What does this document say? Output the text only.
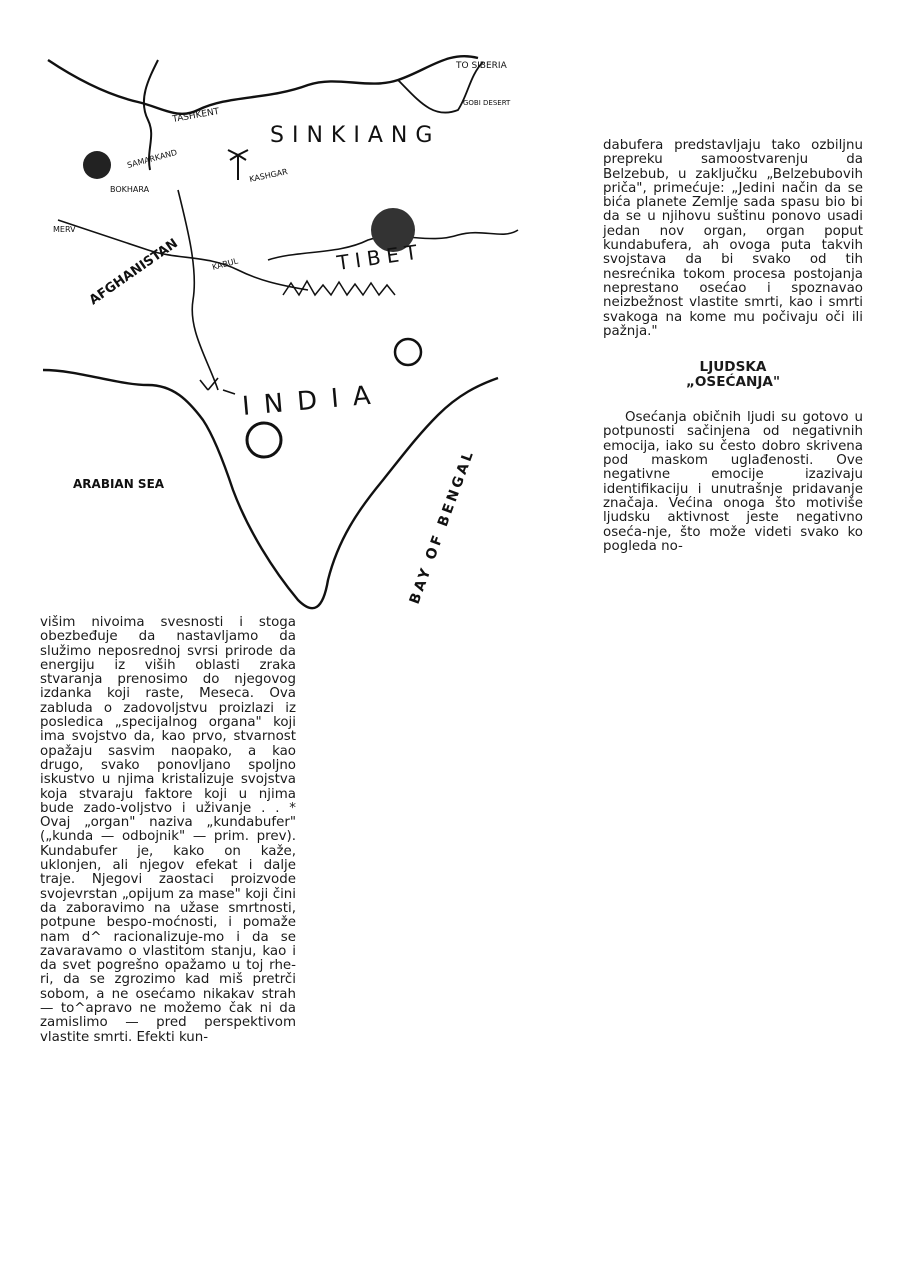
TO SIBERIA
GOBI DESERT
SINKIANG
TASHKENT
SAMARKAND
BOKHARA
KASHGAR
KABUL
MERV
AFGHANISTAN	TIBET
INDIA
ARABIAN SEA	BAY OF BENGAL

višim nivoima svesnosti i stoga obezbeđuje da nastavljamo da služimo neposrednoj svrsi prirode da energiju iz viših oblasti zraka stvaranja prenosimo do njegovog izdanka koji raste, Meseca. Ova zabluda o zadovoljstvu proizlazi iz posledica „specijalnog organa" koji ima svojstvo da, kao prvo, stvarnost opažaju sasvim naopako, a kao drugo, svako ponovljano spoljno iskustvo u njima kristalizuje svojstva koja stvaraju faktore koji u njima bude zado-voljstvo i uživanje . . * Ovaj „organ" naziva „kundabufer" („kunda — odbojnik" — prim. prev). Kundabufer je, kako on kaže, uklonjen, ali njegov efekat i dalje traje. Njegovi zaostaci proizvode svojevrstan „opijum za mase" koji čini da zaboravimo na užase smrtnosti, potpune bespo-moćnosti, i pomaže nam d^ racionalizuje-mo i da se zavaravamo o vlastitom stanju, kao i da svet pogrešno opažamo u toj rhe-ri, da se zgrozimo kad miš pretrči sobom, a ne osećamo nikakav strah — to^apravo ne možemo čak ni da zamislimo — pred perspektivom vlastite smrti. Efekti kun-

dabufera predstavljaju tako ozbiljnu prepreku samoostvarenju da Belzebub, u zaključku „Belzebubovih priča", primećuje: „Jedini način da se bića planete Zemlje sada spasu bio bi da se u njihovu suštinu ponovo usadi jedan nov organ, organ poput kundabufera, ah ovoga puta takvih svojstava da bi svako od tih nesrećnika tokom procesa postojanja neprestano osećao i spoznavao neizbežnost vlastite smrti, kao i smrti svakoga na kome mu počivaju oči ili pažnja."

LJUDSKA
„OSEĆANJA"

Osećanja običnih ljudi su gotovo u potpunosti sačinjena od negativnih emocija, iako su često dobro skrivena pod maskom uglađenosti. Ove negativne emocije izazivaju identifikaciju i unutrašnje pridavanje značaja. Većina onoga što motiviše ljudsku aktivnost jeste negativno oseća-nje, što može videti svako ko pogleda no-
